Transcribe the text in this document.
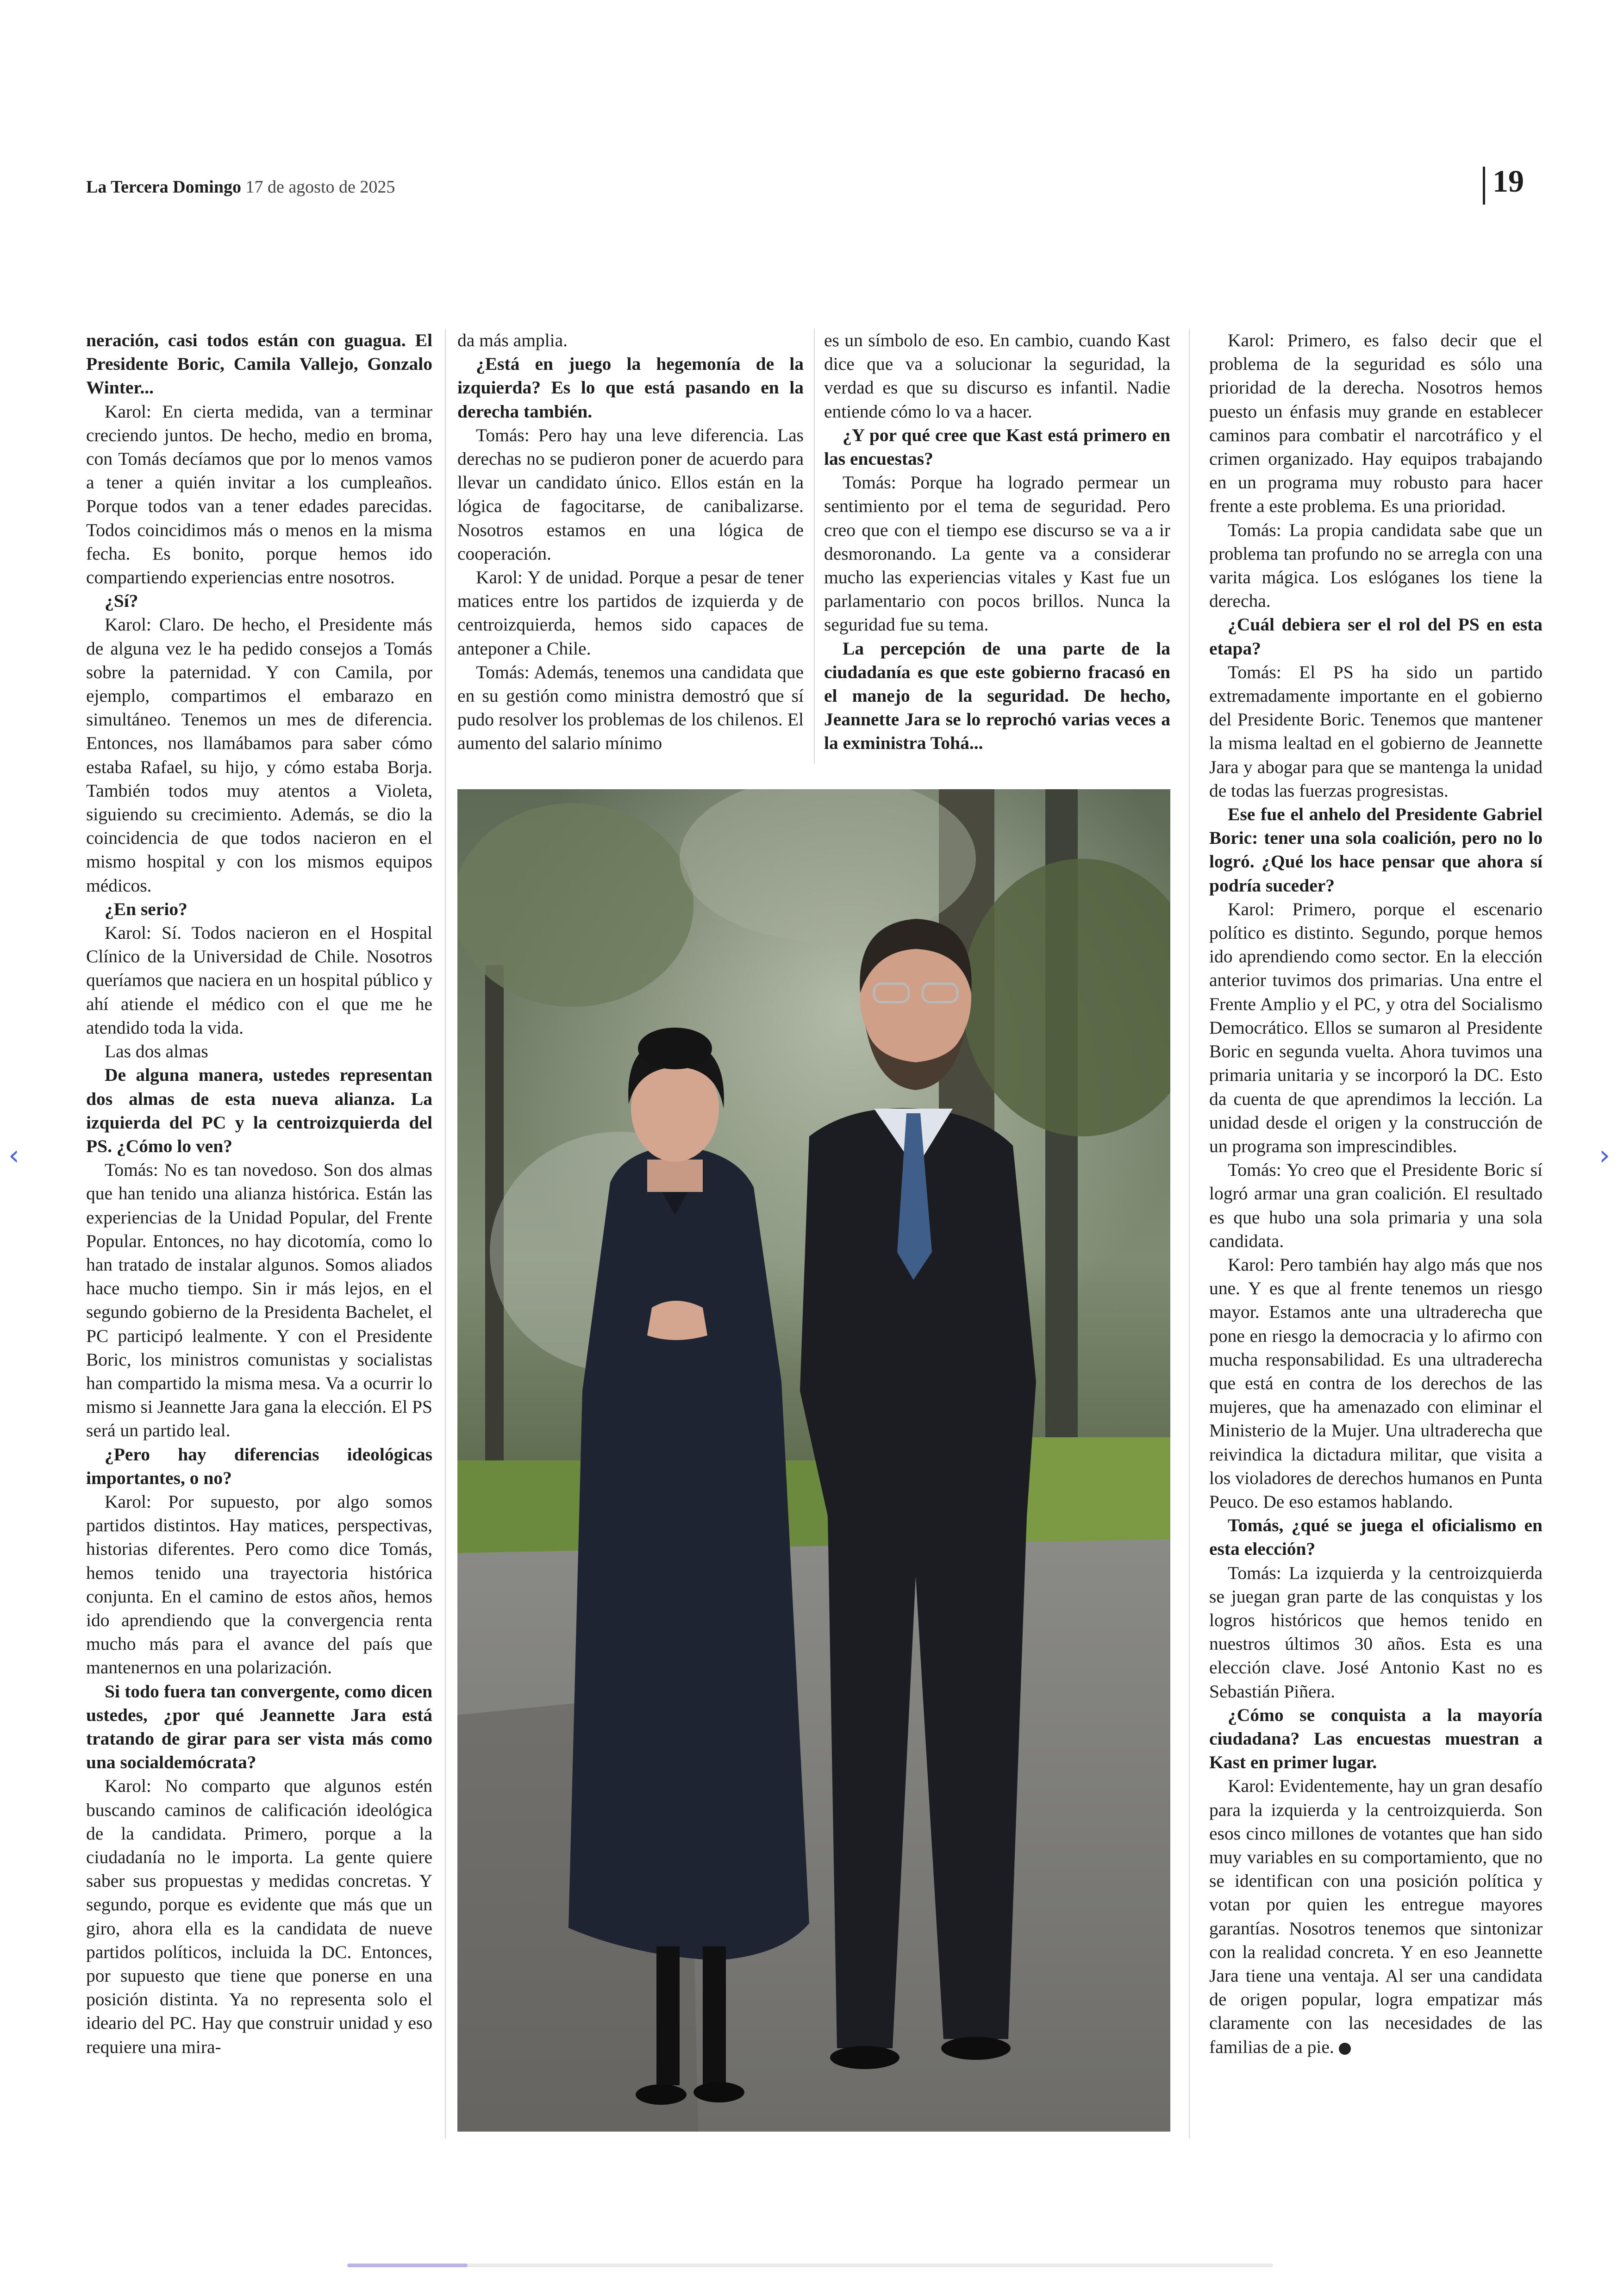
La Tercera Domingo 17 de agosto de 2025	19

neración, casi todos están con guagua. El Presidente Boric, Camila Vallejo, Gonzalo Winter...

Karol: En cierta medida, van a terminar creciendo juntos. De hecho, medio en broma, con Tomás decíamos que por lo menos vamos a tener a quién invitar a los cumpleaños. Porque todos van a tener edades parecidas. Todos coincidimos más o menos en la misma fecha. Es bonito, porque hemos ido compartiendo experiencias entre nosotros.

¿Sí?

Karol: Claro. De hecho, el Presidente más de alguna vez le ha pedido consejos a Tomás sobre la paternidad. Y con Camila, por ejemplo, compartimos el embarazo en simultáneo. Tenemos un mes de diferencia. Entonces, nos llamábamos para saber cómo estaba Rafael, su hijo, y cómo estaba Borja. También todos muy atentos a Violeta, siguiendo su crecimiento. Además, se dio la coincidencia de que todos nacieron en el mismo hospital y con los mismos equipos médicos.

¿En serio?

Karol: Sí. Todos nacieron en el Hospital Clínico de la Universidad de Chile. Nosotros queríamos que naciera en un hospital público y ahí atiende el médico con el que me he atendido toda la vida.

Las dos almas

De alguna manera, ustedes representan dos almas de esta nueva alianza. La izquierda del PC y la centroizquierda del PS. ¿Cómo lo ven?

Tomás: No es tan novedoso. Son dos almas que han tenido una alianza histórica. Están las experiencias de la Unidad Popular, del Frente Popular. Entonces, no hay dicotomía, como lo han tratado de instalar algunos. Somos aliados hace mucho tiempo. Sin ir más lejos, en el segundo gobierno de la Presidenta Bachelet, el PC participó lealmente. Y con el Presidente Boric, los ministros comunistas y socialistas han compartido la misma mesa. Va a ocurrir lo mismo si Jeannette Jara gana la elección. El PS será un partido leal.

¿Pero hay diferencias ideológicas importantes, o no?

Karol: Por supuesto, por algo somos partidos distintos. Hay matices, perspectivas, historias diferentes. Pero como dice Tomás, hemos tenido una trayectoria histórica conjunta. En el camino de estos años, hemos ido aprendiendo que la convergencia renta mucho más para el avance del país que mantenernos en una polarización.

Si todo fuera tan convergente, como dicen ustedes, ¿por qué Jeannette Jara está tratando de girar para ser vista más como una socialdemócrata?

Karol: No comparto que algunos estén buscando caminos de calificación ideológica de la candidata. Primero, porque a la ciudadanía no le importa. La gente quiere saber sus propuestas y medidas concretas. Y segundo, porque es evidente que más que un giro, ahora ella es la candidata de nueve partidos políticos, incluida la DC. Entonces, por supuesto que tiene que ponerse en una posición distinta. Ya no representa solo el ideario del PC. Hay que construir unidad y eso requiere una mira-

da más amplia.

¿Está en juego la hegemonía de la izquierda? Es lo que está pasando en la derecha también.

Tomás: Pero hay una leve diferencia. Las derechas no se pudieron poner de acuerdo para llevar un candidato único. Ellos están en la lógica de fagocitarse, de canibalizarse. Nosotros estamos en una lógica de cooperación.

Karol: Y de unidad. Porque a pesar de tener matices entre los partidos de izquierda y de centroizquierda, hemos sido capaces de anteponer a Chile.

Tomás: Además, tenemos una candidata que en su gestión como ministra demostró que sí pudo resolver los problemas de los chilenos. El aumento del salario mínimo

es un símbolo de eso. En cambio, cuando Kast dice que va a solucionar la seguridad, la verdad es que su discurso es infantil. Nadie entiende cómo lo va a hacer.

¿Y por qué cree que Kast está primero en las encuestas?

Tomás: Porque ha logrado permear un sentimiento por el tema de seguridad. Pero creo que con el tiempo ese discurso se va a ir desmoronando. La gente va a considerar mucho las experiencias vitales y Kast fue un parlamentario con pocos brillos. Nunca la seguridad fue su tema.

La percepción de una parte de la ciudadanía es que este gobierno fracasó en el manejo de la seguridad. De hecho, Jeannette Jara se lo reprochó varias veces a la exministra Tohá...

Karol: Primero, es falso decir que el problema de la seguridad es sólo una prioridad de la derecha. Nosotros hemos puesto un énfasis muy grande en establecer caminos para combatir el narcotráfico y el crimen organizado. Hay equipos trabajando en un programa muy robusto para hacer frente a este problema. Es una prioridad.

Tomás: La propia candidata sabe que un problema tan profundo no se arregla con una varita mágica. Los eslóganes los tiene la derecha.

¿Cuál debiera ser el rol del PS en esta etapa?

Tomás: El PS ha sido un partido extremadamente importante en el gobierno del Presidente Boric. Tenemos que mantener la misma lealtad en el gobierno de Jeannette Jara y abogar para que se mantenga la unidad de todas las fuerzas progresistas.

Ese fue el anhelo del Presidente Gabriel Boric: tener una sola coalición, pero no lo logró. ¿Qué los hace pensar que ahora sí podría suceder?

Karol: Primero, porque el escenario político es distinto. Segundo, porque hemos ido aprendiendo como sector. En la elección anterior tuvimos dos primarias. Una entre el Frente Amplio y el PC, y otra del Socialismo Democrático. Ellos se sumaron al Presidente Boric en segunda vuelta. Ahora tuvimos una primaria unitaria y se incorporó la DC. Esto da cuenta de que aprendimos la lección. La unidad desde el origen y la construcción de un programa son imprescindibles.

Tomás: Yo creo que el Presidente Boric sí logró armar una gran coalición. El resultado es que hubo una sola primaria y una sola candidata.

Karol: Pero también hay algo más que nos une. Y es que al frente tenemos un riesgo mayor. Estamos ante una ultraderecha que pone en riesgo la democracia y lo afirmo con mucha responsabilidad. Es una ultraderecha que está en contra de los derechos de las mujeres, que ha amenazado con eliminar el Ministerio de la Mujer. Una ultraderecha que reivindica la dictadura militar, que visita a los violadores de derechos humanos en Punta Peuco. De eso estamos hablando.

Tomás, ¿qué se juega el oficialismo en esta elección?

Tomás: La izquierda y la centroizquierda se juegan gran parte de las conquistas y los logros históricos que hemos tenido en nuestros últimos 30 años. Esta es una elección clave. José Antonio Kast no es Sebastián Piñera.

¿Cómo se conquista a la mayoría ciudadana? Las encuestas muestran a Kast en primer lugar.

Karol: Evidentemente, hay un gran desafío para la izquierda y la centroizquierda. Son esos cinco millones de votantes que han sido muy variables en su comportamiento, que no se identifican con una posición política y votan por quien les entregue mayores garantías. Nosotros tenemos que sintonizar con la realidad concreta. Y en eso Jeannette Jara tiene una ventaja. Al ser una candidata de origen popular, logra empatizar más claramente con las necesidades de las familias de a pie.

‹	›
